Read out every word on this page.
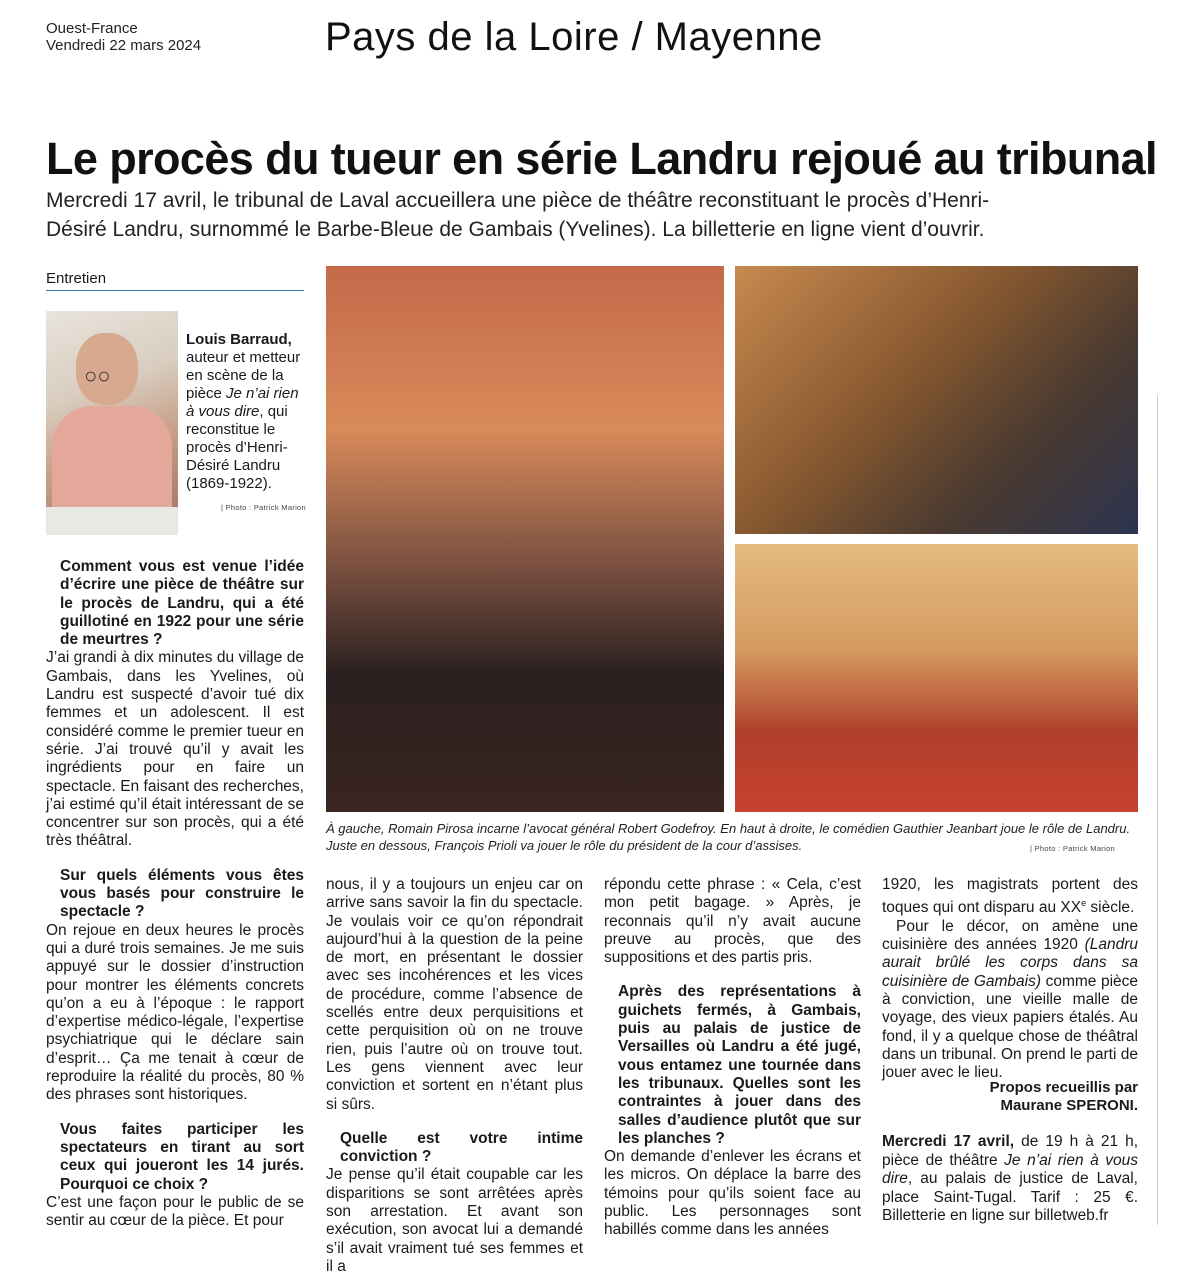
Ouest-France
Vendredi 22 mars 2024	Pays de la Loire / Mayenne
Le procès du tueur en série Landru rejoué au tribunal
Mercredi 17 avril, le tribunal de Laval accueillera une pièce de théâtre reconstituant le procès d’Henri-Désiré Landru, surnommé le Barbe-Bleue de Gambais (Yvelines). La billetterie en ligne vient d’ouvrir.
Entretien
○○
Louis Barraud, auteur et metteur en scène de la pièce Je n’ai rien à vous dire, qui reconstitue le procès d’Henri-Désiré Landru (1869-1922).
| Photo : Patrick Marion

Comment vous est venue l’idée d’écrire une pièce de théâtre sur le procès de Landru, qui a été guillotiné en 1922 pour une série de meurtres ?

J’ai grandi à dix minutes du village de Gambais, dans les Yvelines, où Landru est suspecté d’avoir tué dix femmes et un adolescent. Il est considéré comme le premier tueur en série. J’ai trouvé qu’il y avait les ingrédients pour en faire un spectacle. En faisant des recherches, j’ai estimé qu’il était intéressant de se concentrer sur son procès, qui a été très théâtral.

Sur quels éléments vous êtes vous basés pour construire le spectacle ?

On rejoue en deux heures le procès qui a duré trois semaines. Je me suis appuyé sur le dossier d’instruction pour montrer les éléments concrets qu’on a eu à l’époque : le rapport d’expertise médico-légale, l’expertise psychiatrique qui le déclare sain d’esprit… Ça me tenait à cœur de reproduire la réalité du procès, 80 % des phrases sont historiques.

Vous faites participer les spectateurs en tirant au sort ceux qui joueront les 14 jurés. Pourquoi ce choix ?

C’est une façon pour le public de se sentir au cœur de la pièce. Et pour

À gauche, Romain Pirosa incarne l’avocat général Robert Godefroy. En haut à droite, le comédien Gauthier Jeanbart joue le rôle de Landru. Juste en dessous, François Prioli va jouer le rôle du président de la cour d’assises.	| Photo : Patrick Marion

nous, il y a toujours un enjeu car on arrive sans savoir la fin du spectacle. Je voulais voir ce qu’on répondrait aujourd’hui à la question de la peine de mort, en présentant le dossier avec ses incohérences et les vices de procédure, comme l’absence de scellés entre deux perquisitions et cette perquisition où on ne trouve rien, puis l’autre où on trouve tout. Les gens viennent avec leur conviction et sortent en n’étant plus si sûrs.

Quelle est votre intime conviction ?

Je pense qu’il était coupable car les disparitions se sont arrêtées après son arrestation. Et avant son exécution, son avocat lui a demandé s’il avait vraiment tué ses femmes et il a

répondu cette phrase : « Cela, c’est mon petit bagage. » Après, je reconnais qu’il n’y avait aucune preuve au procès, que des suppositions et des partis pris.

Après des représentations à guichets fermés, à Gambais, puis au palais de justice de Versailles où Landru a été jugé, vous entamez une tournée dans les tribunaux. Quelles sont les contraintes à jouer dans des salles d’audience plutôt que sur les planches ?

On demande d’enlever les écrans et les micros. On déplace la barre des témoins pour qu’ils soient face au public. Les personnages sont habillés comme dans les années

1920, les magistrats portent des toques qui ont disparu au XXe siècle.

Pour le décor, on amène une cuisinière des années 1920 (Landru aurait brûlé les corps dans sa cuisinière de Gambais) comme pièce à conviction, une vieille malle de voyage, des vieux papiers étalés. Au fond, il y a quelque chose de théâtral dans un tribunal. On prend le parti de jouer avec le lieu.

Propos recueillis par
Maurane SPERONI.
Mercredi 17 avril, de 19 h à 21 h, pièce de théâtre Je n’ai rien à vous dire, au palais de justice de Laval, place Saint-Tugal. Tarif : 25 €. Billetterie en ligne sur billetweb.fr
